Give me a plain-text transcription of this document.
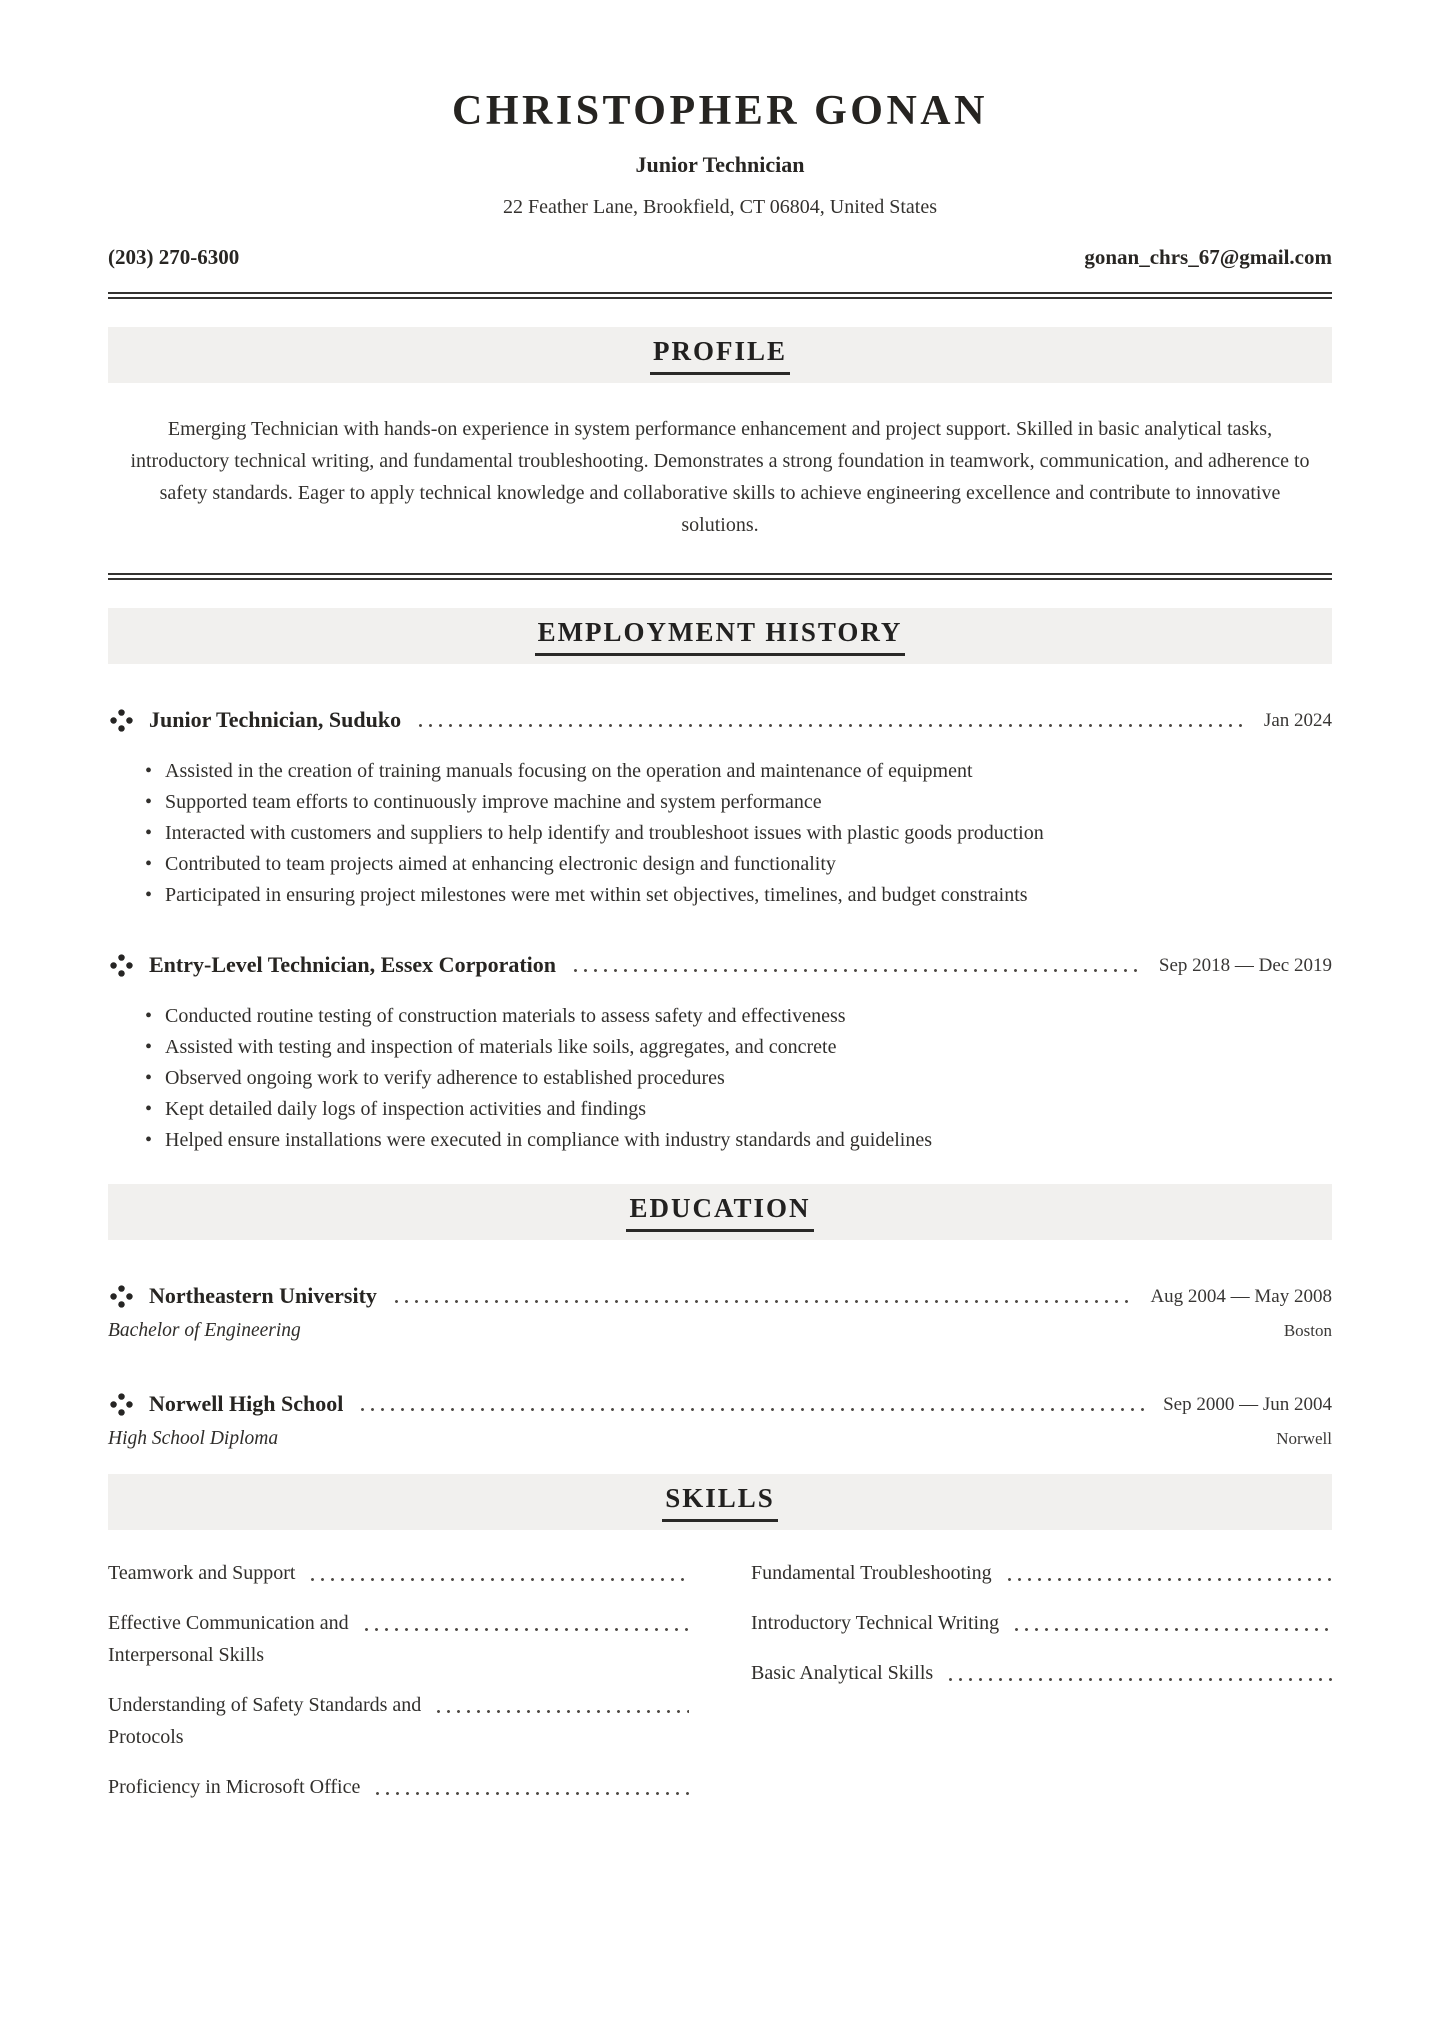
CHRISTOPHER GONAN
Junior Technician
22 Feather Lane, Brookfield, CT 06804, United States
(203) 270-6300	gonan_chrs_67@gmail.com
PROFILE

Emerging Technician with hands-on experience in system performance enhancement and project support. Skilled in basic analytical tasks, introductory technical writing, and fundamental troubleshooting. Demonstrates a strong foundation in teamwork, communication, and adherence to safety standards. Eager to apply technical knowledge and collaborative skills to achieve engineering excellence and contribute to innovative solutions.

EMPLOYMENT HISTORY
Junior Technician, Suduko	Jan 2024
• Assisted in the creation of training manuals focusing on the operation and maintenance of equipment
• Supported team efforts to continuously improve machine and system performance
• Interacted with customers and suppliers to help identify and troubleshoot issues with plastic goods production
• Contributed to team projects aimed at enhancing electronic design and functionality
• Participated in ensuring project milestones were met within set objectives, timelines, and budget constraints
Entry-Level Technician, Essex Corporation	Sep 2018 — Dec 2019
• Conducted routine testing of construction materials to assess safety and effectiveness
• Assisted with testing and inspection of materials like soils, aggregates, and concrete
• Observed ongoing work to verify adherence to established procedures
• Kept detailed daily logs of inspection activities and findings
• Helped ensure installations were executed in compliance with industry standards and guidelines
EDUCATION
Northeastern University	Aug 2004 — May 2008
Bachelor of Engineering	Boston
Norwell High School	Sep 2000 — Jun 2004
High School Diploma	Norwell
SKILLS
Teamwork and Support
Effective Communication and
Interpersonal Skills
Understanding of Safety Standards and
Protocols
Proficiency in Microsoft Office
Fundamental Troubleshooting
Introductory Technical Writing
Basic Analytical Skills
